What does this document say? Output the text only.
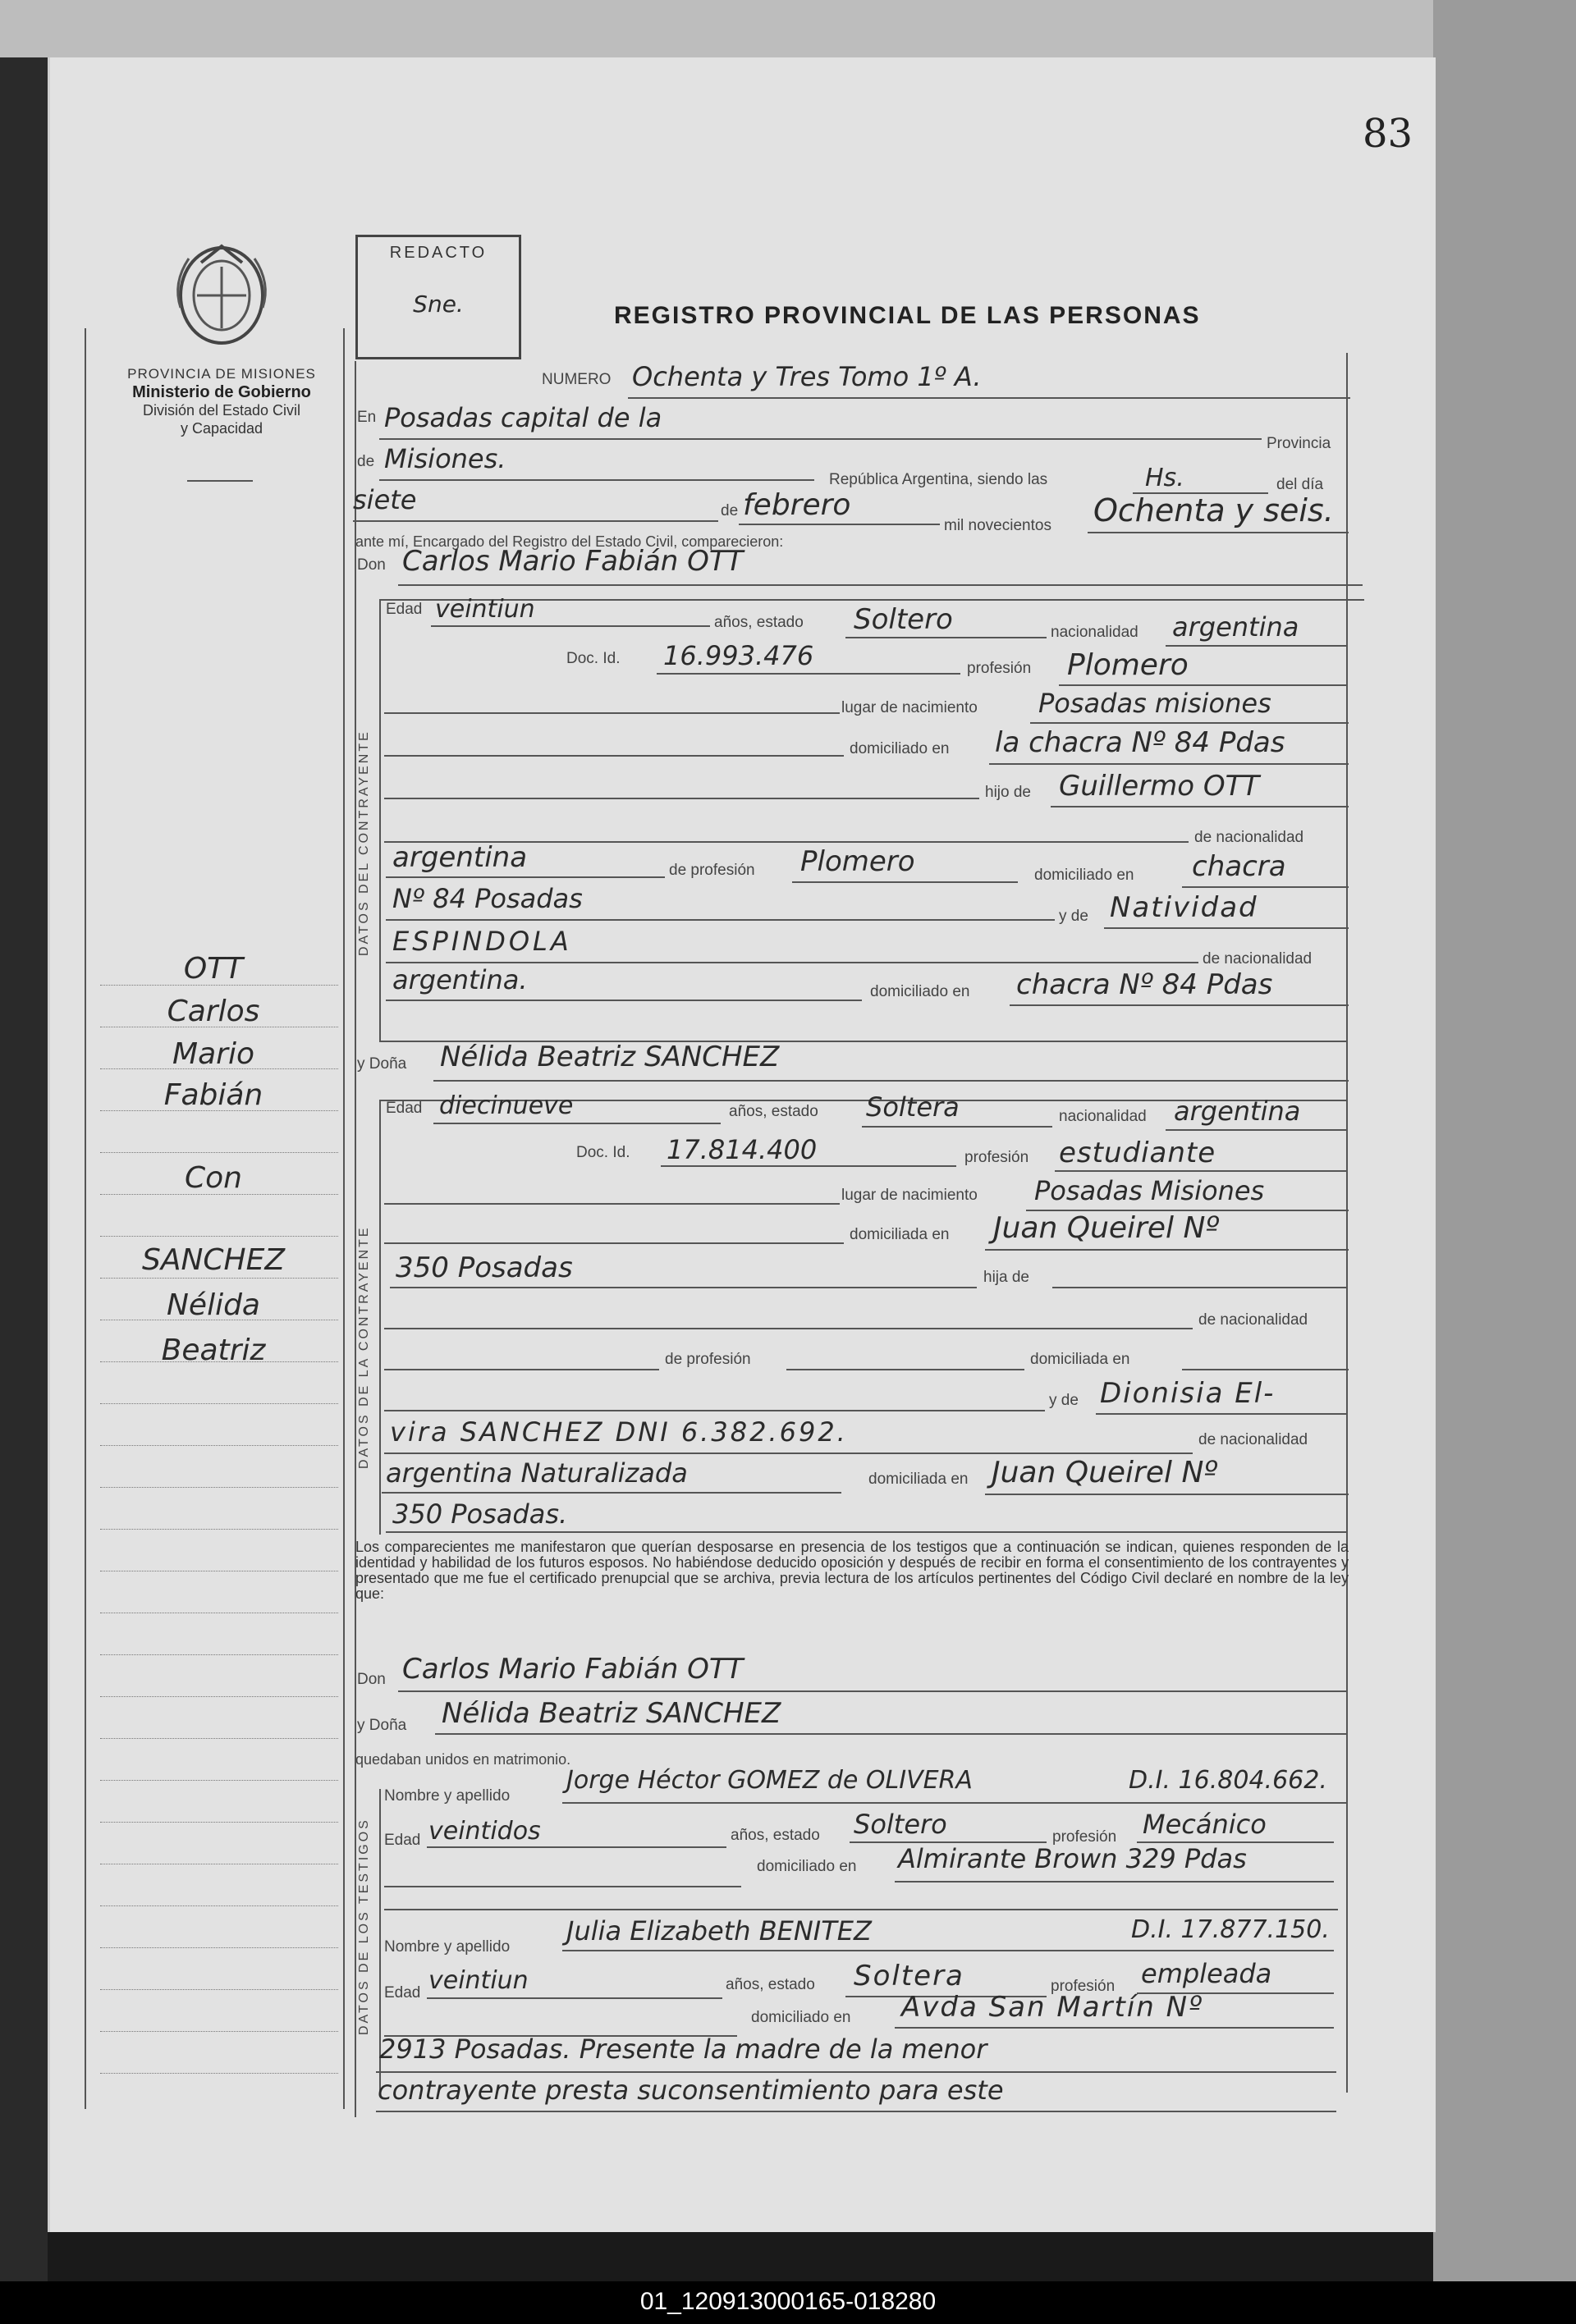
83
PROVINCIA DE MISIONES
Ministerio de Gobierno
División del Estado Civil
y Capacidad
REDACTO
Sne.	REGISTRO PROVINCIAL DE LAS PERSONAS
OTT
Carlos
Mario
Fabián
Con
SANCHEZ
Nélida
Beatriz
DATOS DEL CONTRAYENTE
DATOS DE LA CONTRAYENTE
DATOS DE LOS TESTIGOS
NUMERO Ochenta y Tres Tomo 1º A.
En Posadas capital de la
Provincia
de Misiones.
República Argentina, siendo las	Hs.	del día
siete	de febrero
mil novecientos Ochenta y seis.
ante mí, Encargado del Registro del Estado Civil, comparecieron:
Don Carlos Mario Fabián OTT
Edad veintiun	años, estado Soltero	nacionalidad argentina
Doc. Id. 16.993.476	profesión Plomero
lugar de nacimiento Posadas misiones
domiciliado en la chacra Nº 84 Pdas
hijo de Guillermo OTT
de nacionalidad
argentina	de profesión Plomero	domiciliado en chacra
Nº 84 Posadas
y de Natividad
ESPINDOLA
de nacionalidad
argentina.	domiciliado en chacra Nº 84 Pdas
y Doña Nélida Beatriz SANCHEZ
Edad diecinueve	años, estado Soltera	nacionalidad argentina
Doc. Id. 17.814.400	profesión estudiante
lugar de nacimiento Posadas Misiones
domiciliada en Juan Queirel Nº
350 Posadas	hija de
de nacionalidad
de profesión	domiciliada en
y de Dionisia El-
vira SANCHEZ DNI 6.382.692.	de nacionalidad
argentina Naturalizada	domiciliada en Juan Queirel Nº
350 Posadas.
Los comparecientes me manifestaron que querían desposarse en presencia de los testigos que a continuación se indican, quienes responden de la identidad y habilidad de los futuros esposos. No habiéndose deducido oposición y después de recibir en forma el consentimiento de los contrayentes y presentado que me fue el certificado prenupcial que se archiva, previa lectura de los artículos pertinentes del Código Civil declaré en nombre de la ley que:
Don Carlos Mario Fabián OTT
y Doña Nélida Beatriz SANCHEZ
quedaban unidos en matrimonio.
Nombre y apellido
Jorge Héctor GOMEZ de OLIVERA	D.I. 16.804.662.
Edad veintidos	años, estado Soltero	profesión Mecánico
domiciliado en Almirante Brown 329 Pdas
Nombre y apellido
Julia Elizabeth BENITEZ	D.I. 17.877.150.
Edad veintiun	años, estado Soltera	profesión empleada
domiciliado en Avda San Martín Nº
2913 Posadas. Presente la madre de la menor
contrayente presta suconsentimiento para este
01_120913000165-018280
